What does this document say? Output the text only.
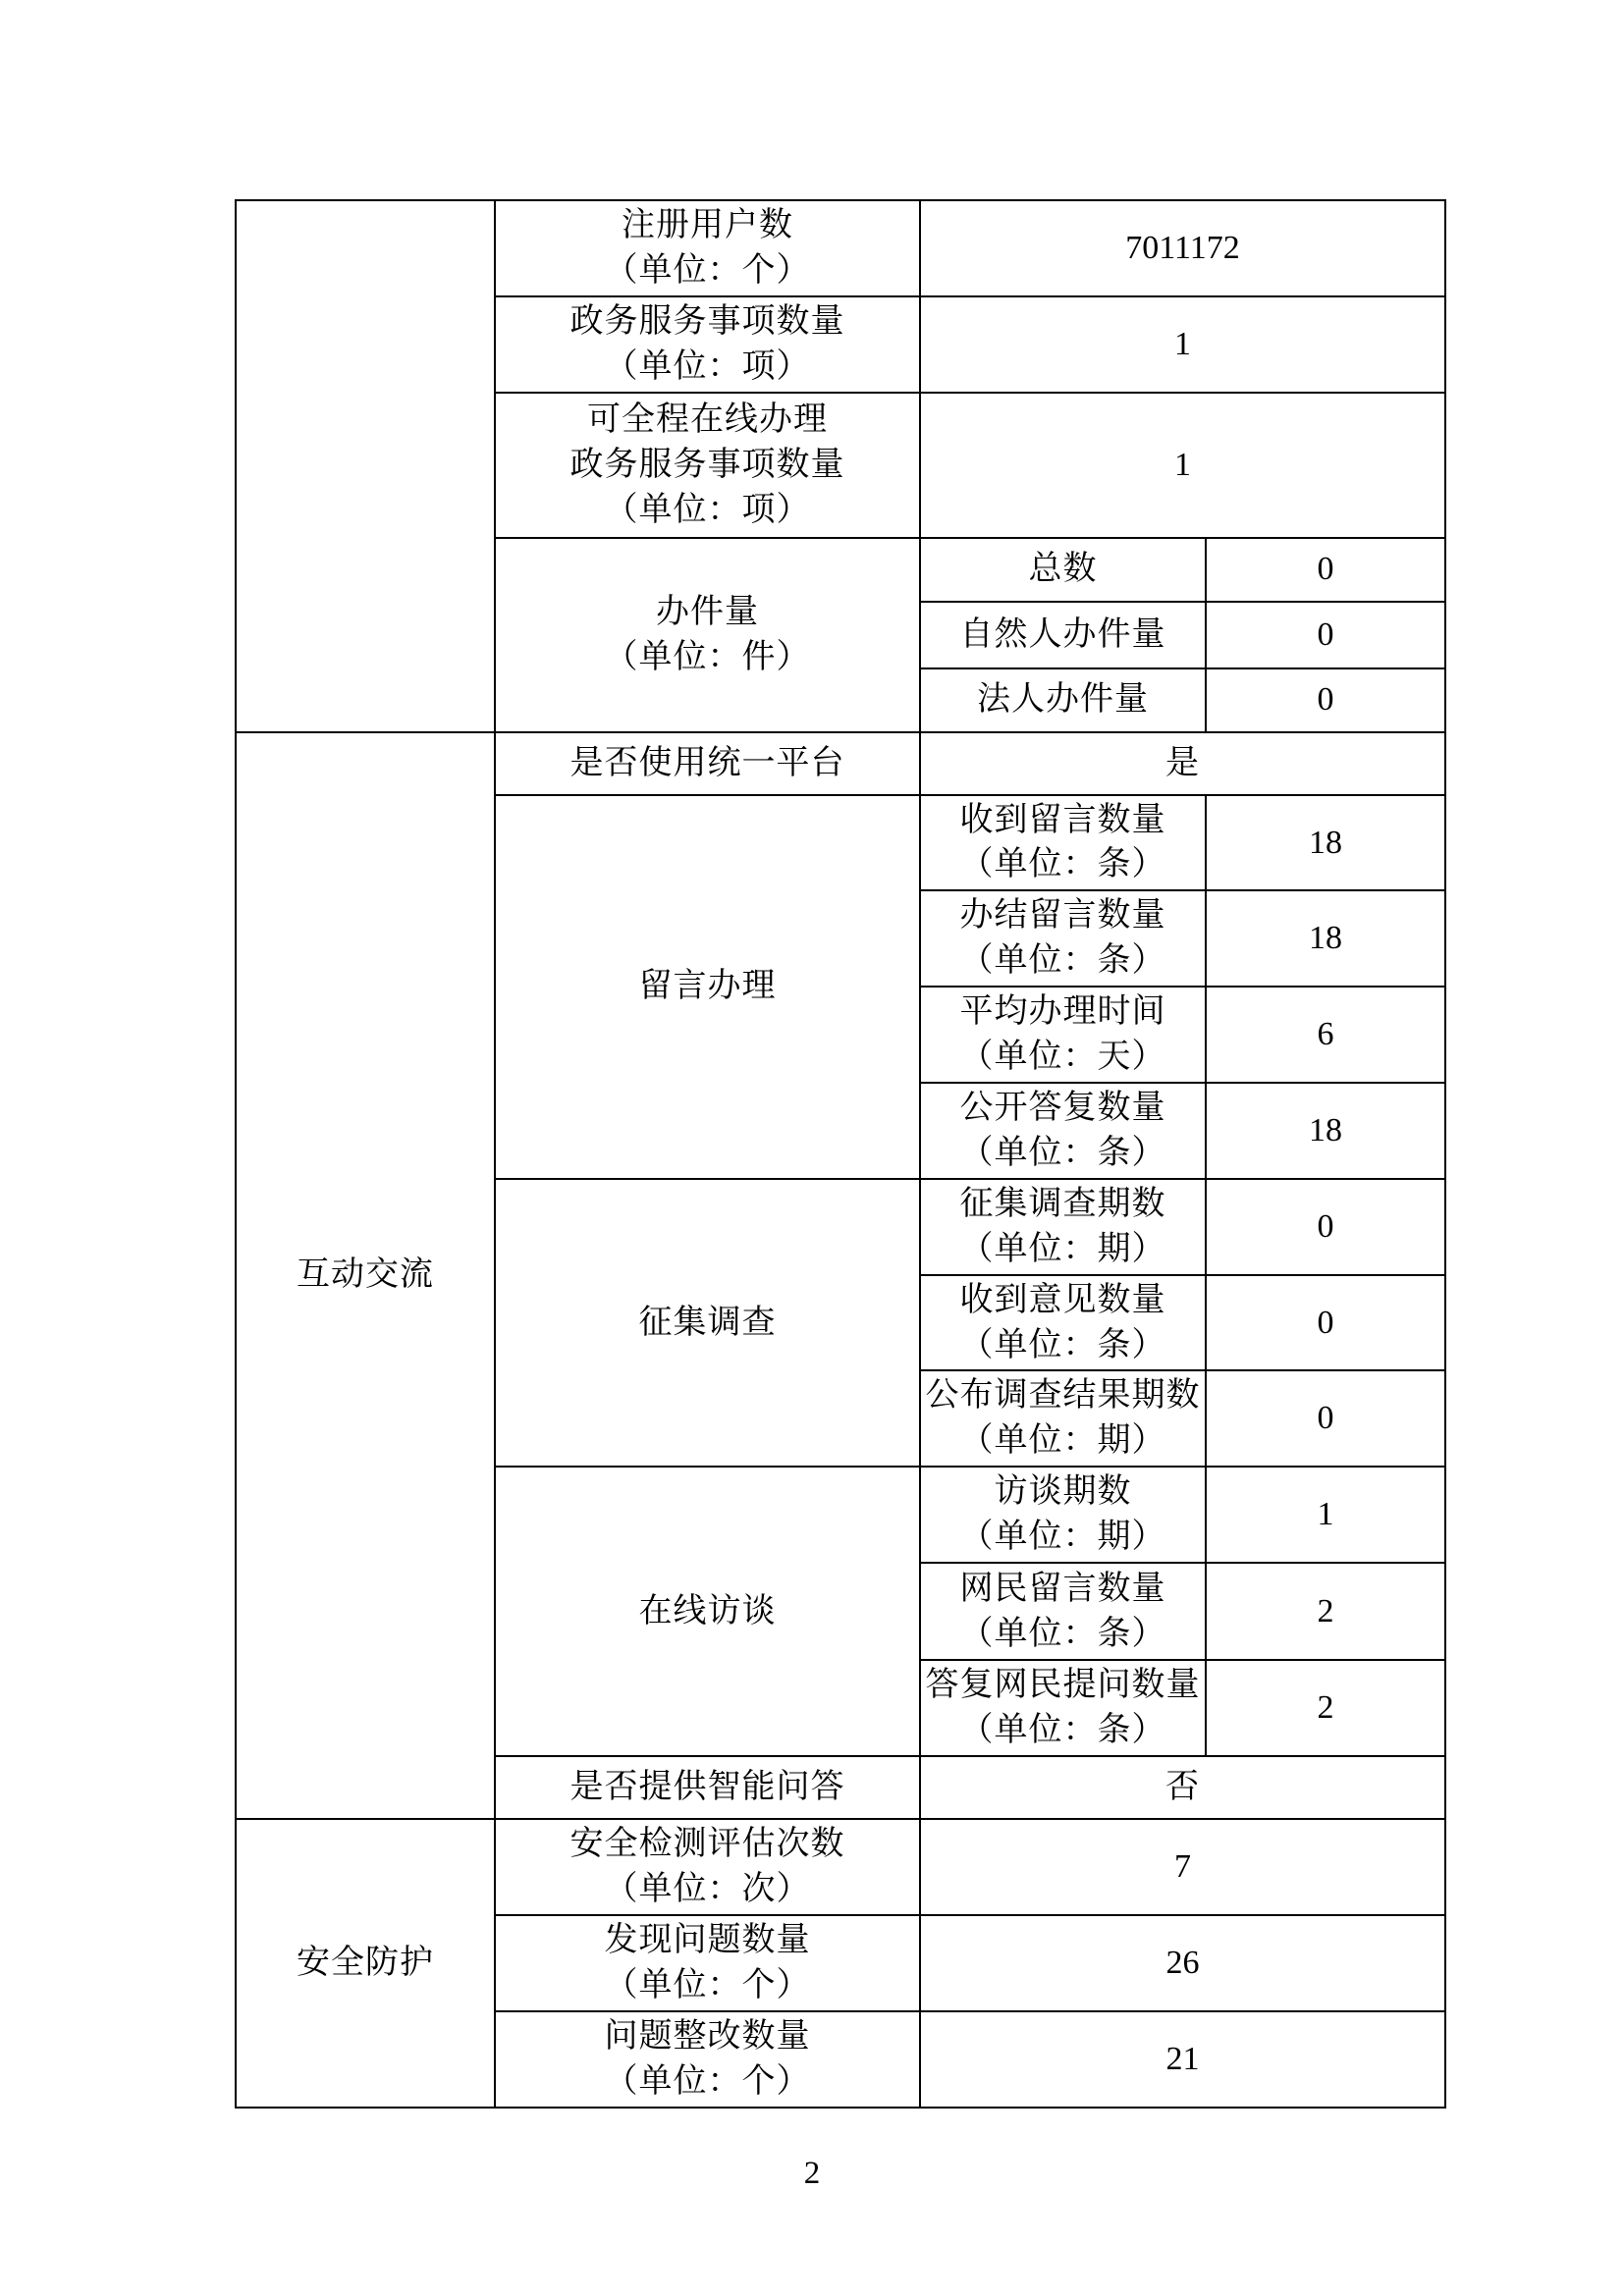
	注册用户数
（单位：个）	7011172	

	政务服务事项数量
（单位：项）	1	

	可全程在线办理
政务服务事项数量
（单位：项）	1	

	办件量
（单位：件）	总数	0
		自然人办件量	0
		法人办件量	0
互动交流	是否使用统一平台	是	
	留言办理	收到留言数量
（单位：条）	18

		办结留言数量
（单位：条）	18

		平均办理时间
（单位：天）	6

		公开答复数量
（单位：条）	18
	征集调查	征集调查期数
（单位：期）	0

		收到意见数量
（单位：条）	0

		公布调查结果期数
（单位：期）	0
	在线访谈	访谈期数
（单位：期）	1

		网民留言数量
（单位：条）	2

		答复网民提问数量
（单位：条）	2
	是否提供智能问答	否	
安全防护	安全检测评估次数
（单位：次）	7	

	发现问题数量
（单位：个）	26	

	问题整改数量
（单位：个）	21	
2
